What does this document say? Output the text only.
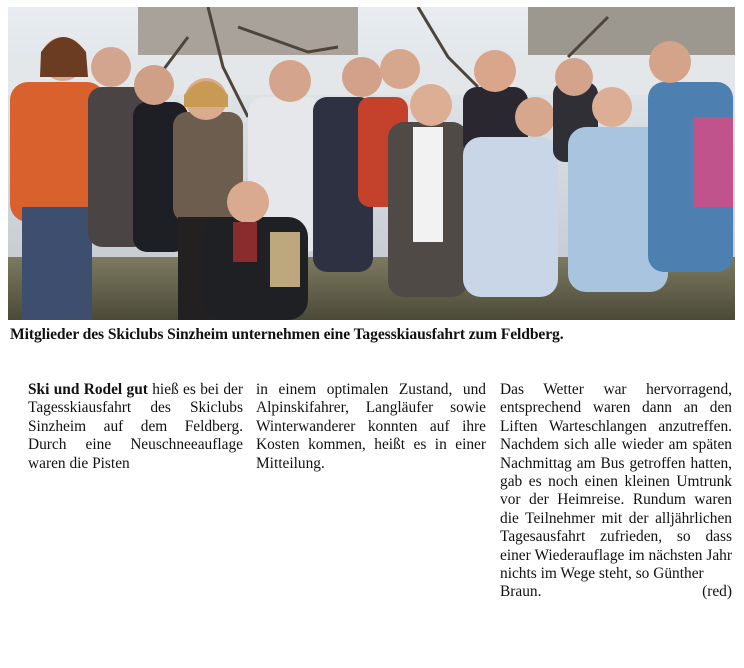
Mitglieder des Skiclubs Sinzheim unternehmen eine Tagesskiausfahrt zum Feldberg.

Ski und Rodel gut hieß es bei der Tagesskiausfahrt des Skiclubs Sinzheim auf dem Feldberg. Durch eine Neuschneeauflage waren die Pisten

in einem optimalen Zustand, und Alpinskifahrer, Langläufer sowie Winterwanderer konnten auf ihre Kosten kommen, heißt es in einer Mitteilung.

Das Wetter war hervorragend, entsprechend waren dann an den Liften Warteschlangen anzutreffen. Nachdem sich alle wieder am späten Nachmittag am Bus getroffen hatten, gab es noch einen kleinen Umtrunk vor der Heimreise. Rundum waren die Teilnehmer mit der alljährlichen Tagesausfahrt zufrieden, so dass einer Wiederauflage im nächsten Jahr nichts im Wege steht, so Günther

Braun.	(red)
